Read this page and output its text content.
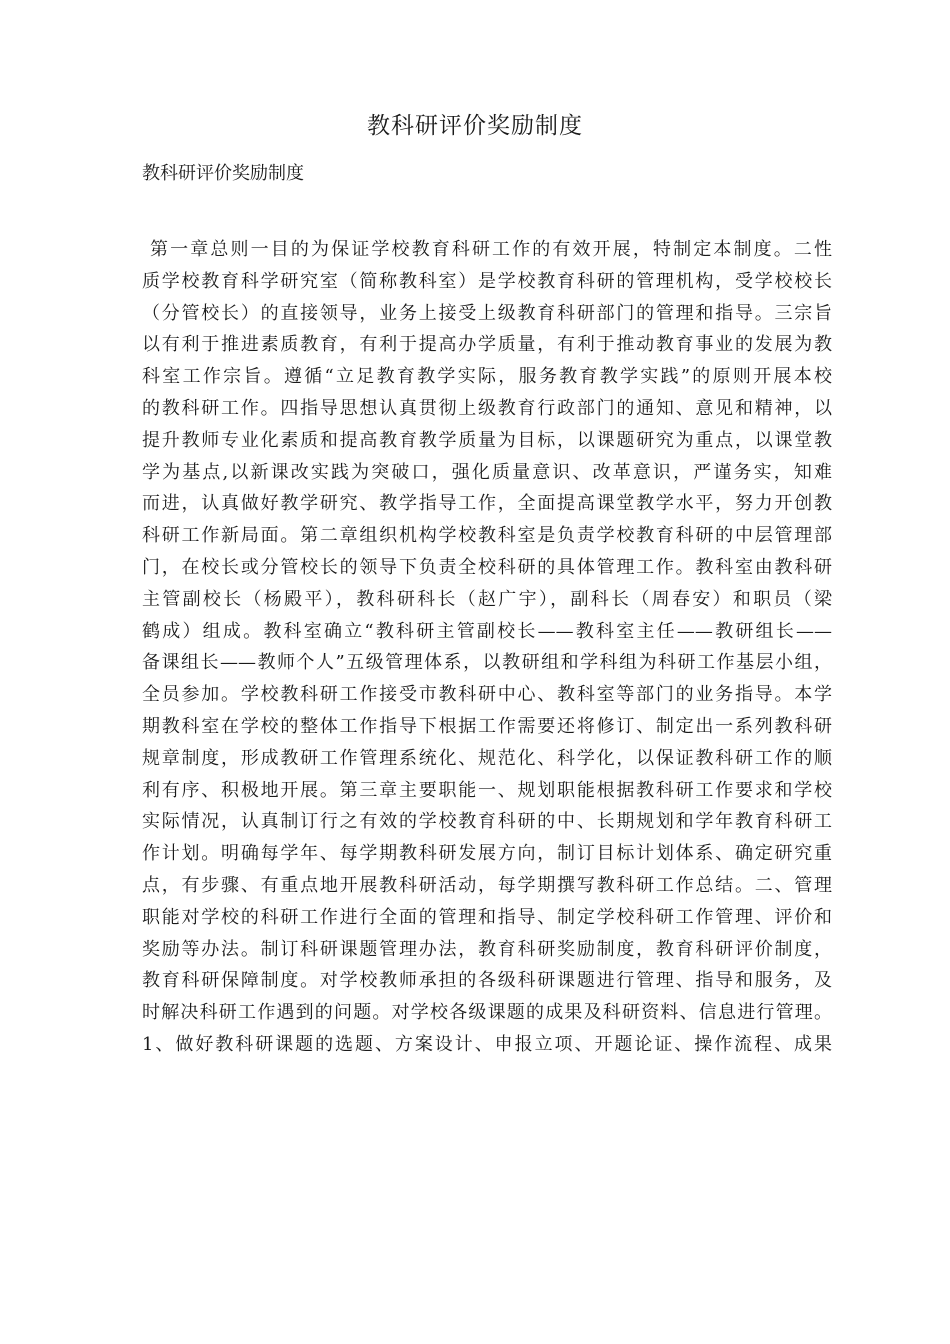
教科研评价奖励制度
教科研评价奖励制度
第一章总则一目的为保证学校教育科研工作的有效开展，特制定本制度。二性
质学校教育科学研究室（简称教科室）是学校教育科研的管理机构，受学校校长
（分管校长）的直接领导，业务上接受上级教育科研部门的管理和指导。三宗旨
以有利于推进素质教育，有利于提高办学质量，有利于推动教育事业的发展为教
科室工作宗旨。遵循“立足教育教学实际，服务教育教学实践”的原则开展本校
的教科研工作。四指导思想认真贯彻上级教育行政部门的通知、意见和精神，以
提升教师专业化素质和提高教育教学质量为目标，以课题研究为重点，以课堂教
学为基点,以新课改实践为突破口，强化质量意识、改革意识，严谨务实，知难
而进，认真做好教学研究、教学指导工作，全面提高课堂教学水平，努力开创教
科研工作新局面。第二章组织机构学校教科室是负责学校教育科研的中层管理部
门，在校长或分管校长的领导下负责全校科研的具体管理工作。教科室由教科研
主管副校长（杨殿平），教科研科长（赵广宇），副科长（周春安）和职员（梁
鹤成）组成。教科室确立“教科研主管副校长——教科室主任——教研组长——
备课组长——教师个人”五级管理体系，以教研组和学科组为科研工作基层小组，
全员参加。学校教科研工作接受市教科研中心、教科室等部门的业务指导。本学
期教科室在学校的整体工作指导下根据工作需要还将修订、制定出一系列教科研
规章制度，形成教研工作管理系统化、规范化、科学化，以保证教科研工作的顺
利有序、积极地开展。第三章主要职能一、规划职能根据教科研工作要求和学校
实际情况，认真制订行之有效的学校教育科研的中、长期规划和学年教育科研工
作计划。明确每学年、每学期教科研发展方向，制订目标计划体系、确定研究重
点，有步骤、有重点地开展教科研活动，每学期撰写教科研工作总结。二、管理
职能对学校的科研工作进行全面的管理和指导、制定学校科研工作管理、评价和
奖励等办法。制订科研课题管理办法，教育科研奖励制度，教育科研评价制度，
教育科研保障制度。对学校教师承担的各级科研课题进行管理、指导和服务，及
时解决科研工作遇到的问题。对学校各级课题的成果及科研资料、信息进行管理。
1、做好教科研课题的选题、方案设计、申报立项、开题论证、操作流程、成果
